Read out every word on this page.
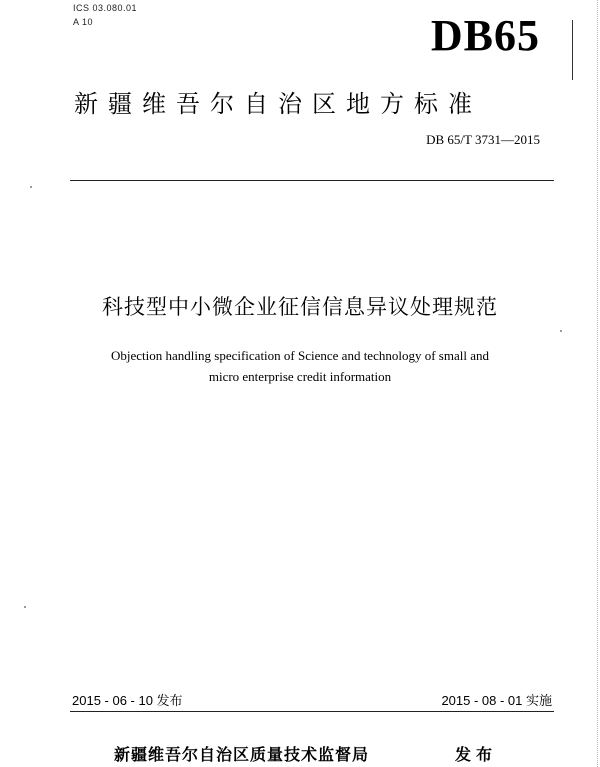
ICS 03.080.01
A 10	DB65
新疆维吾尔自治区地方标准
DB 65/T 3731—2015
科技型中小微企业征信信息异议处理规范
Objection handling specification of Science and technology of small and
micro enterprise credit information
2015 - 06 - 10 发布	2015 - 08 - 01 实施
新疆维吾尔自治区质量技术监督局	发布
